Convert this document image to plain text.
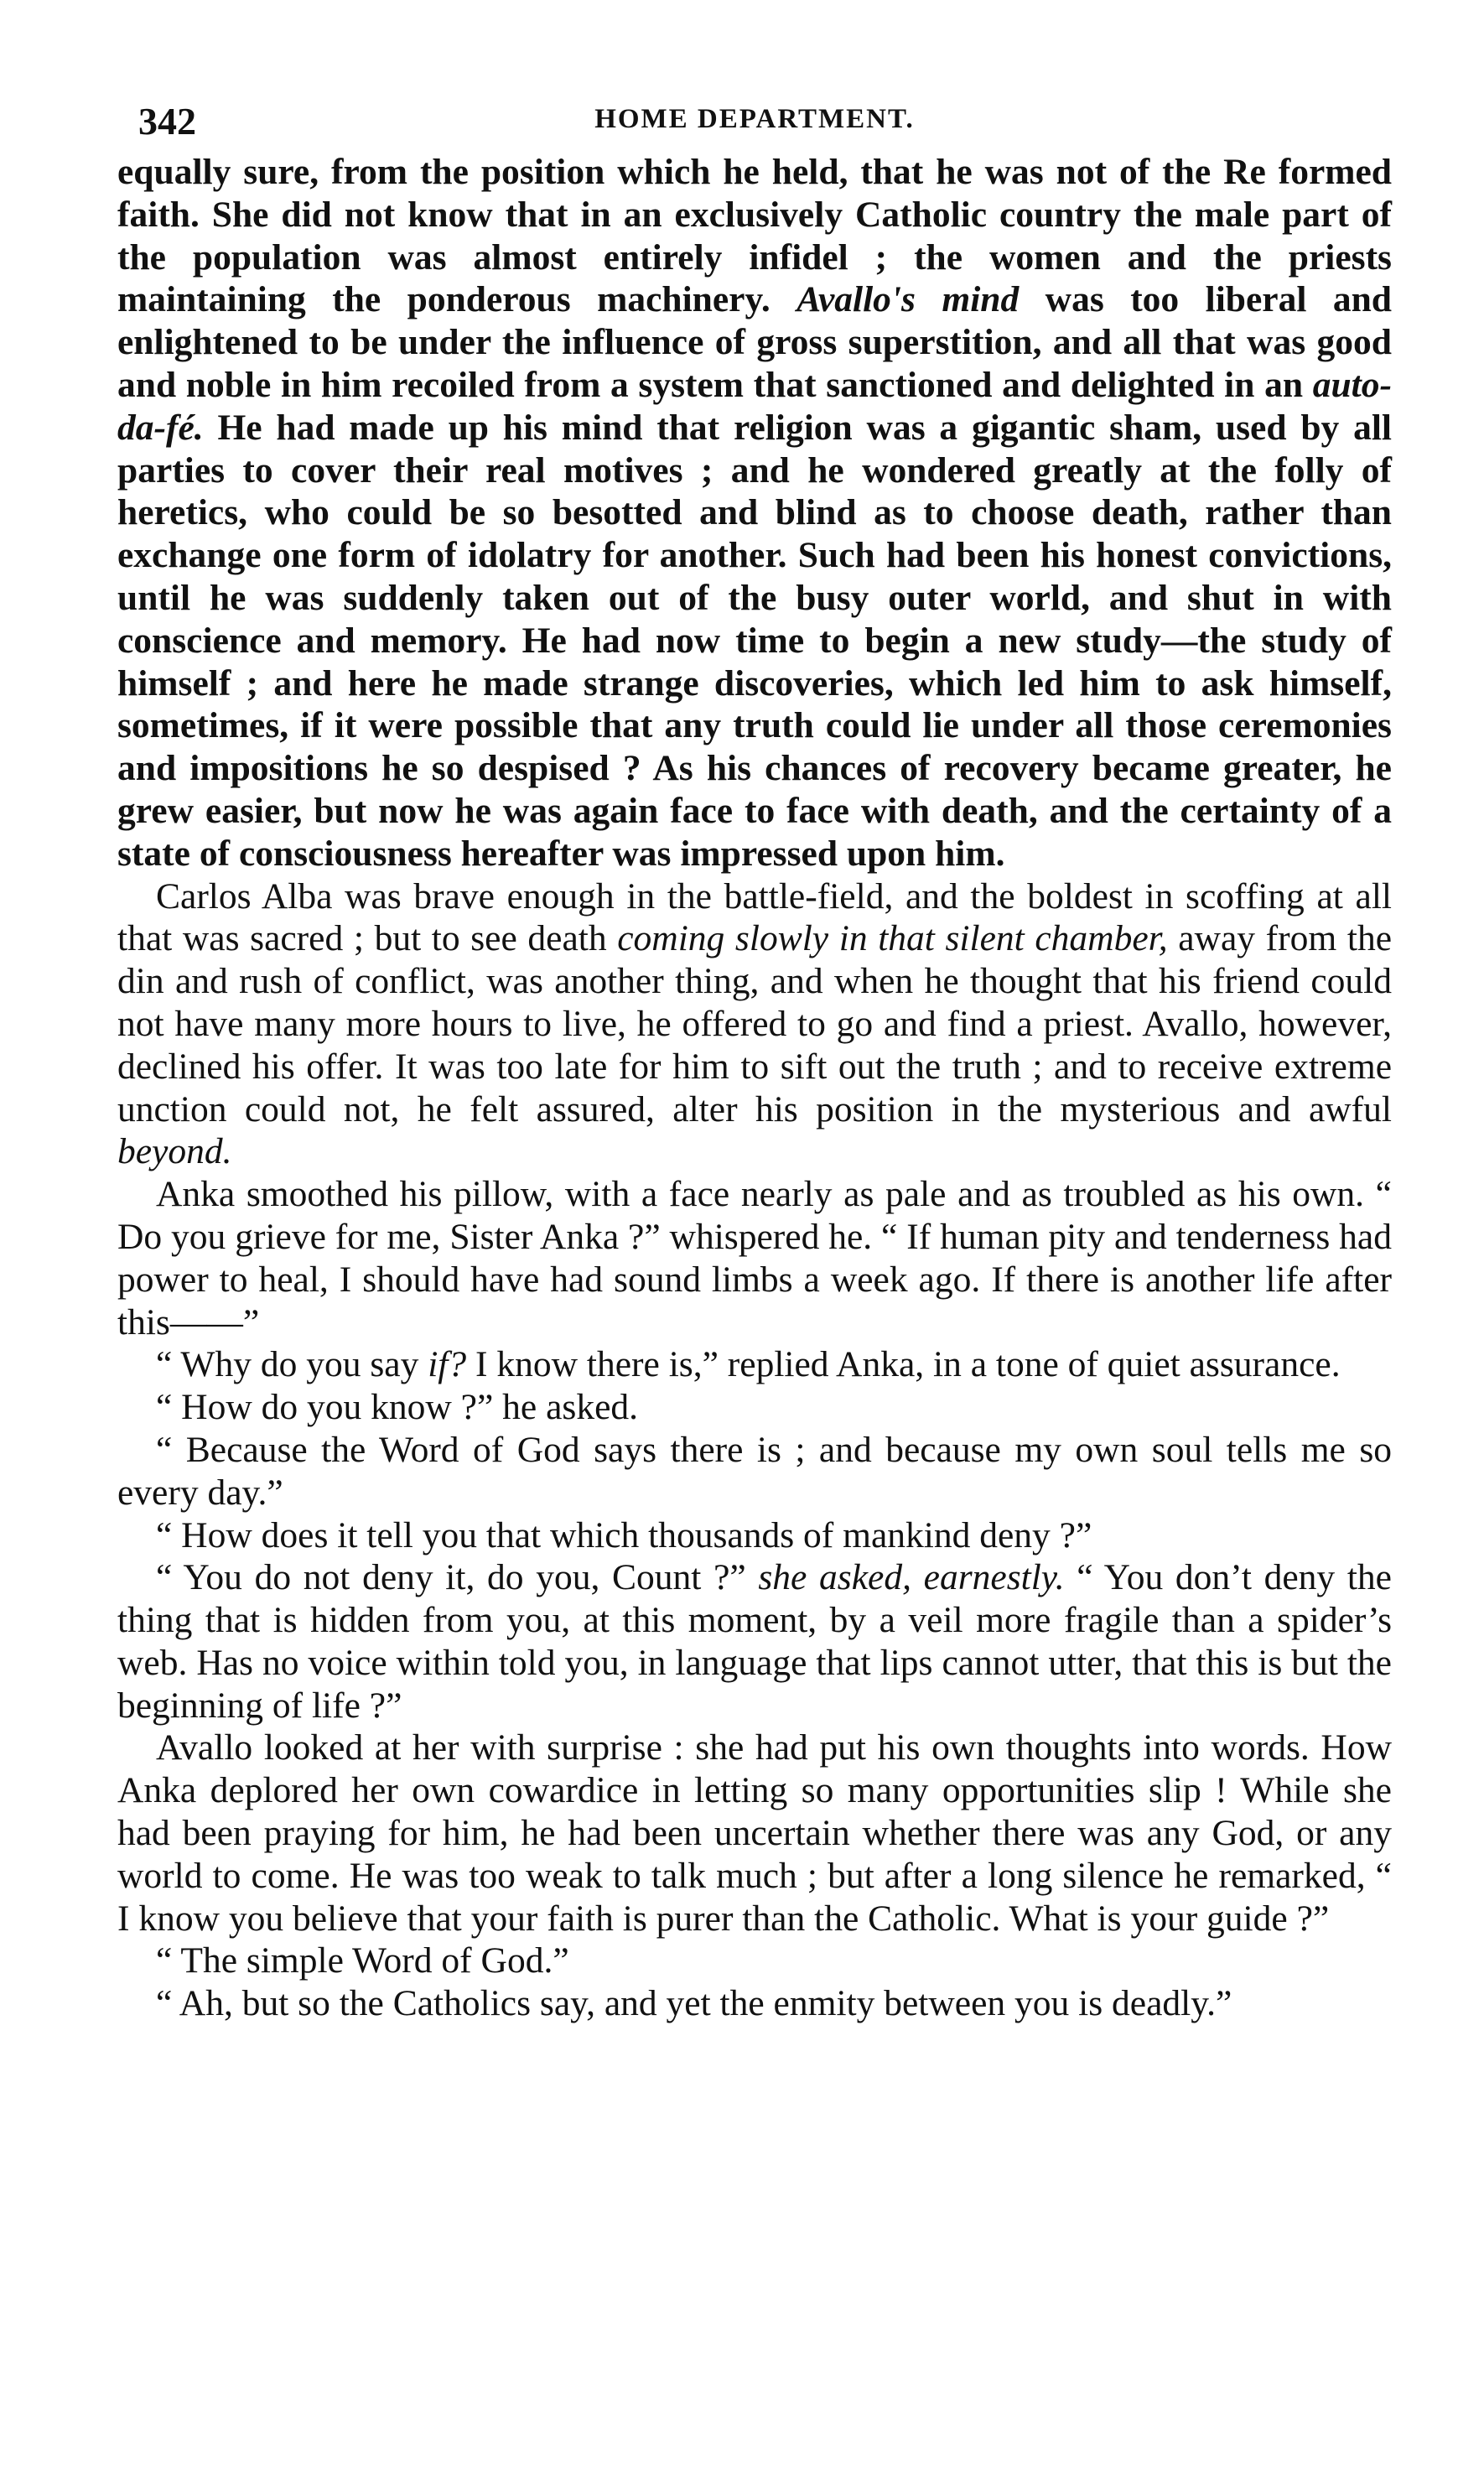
342	HOME DEPARTMENT.

equally sure, from the position which he held, that he was not of the Re formed faith. She did not know that in an exclusively Catholic country the male part of the population was almost entirely infidel ; the women and the priests maintaining the ponderous machinery. Avallo's mind was too liberal and enlightened to be under the influence of gross superstition, and all that was good and noble in him recoiled from a system that sanctioned and delighted in an auto-da-fé. He had made up his mind that religion was a gigantic sham, used by all parties to cover their real motives ; and he wondered greatly at the folly of heretics, who could be so besotted and blind as to choose death, rather than exchange one form of idolatry for another. Such had been his honest convictions, until he was suddenly taken out of the busy outer world, and shut in with conscience and memory. He had now time to begin a new study—the study of himself ; and here he made strange discoveries, which led him to ask himself, sometimes, if it were possible that any truth could lie under all those ceremonies and impositions he so despised ? As his chances of recovery became greater, he grew easier, but now he was again face to face with death, and the certainty of a state of consciousness hereafter was impressed upon him.

Carlos Alba was brave enough in the battle-field, and the boldest in scoffing at all that was sacred ; but to see death coming slowly in that silent chamber, away from the din and rush of conflict, was another thing, and when he thought that his friend could not have many more hours to live, he offered to go and find a priest. Avallo, however, declined his offer. It was too late for him to sift out the truth ; and to receive extreme unction could not, he felt assured, alter his position in the mysterious and awful beyond.

Anka smoothed his pillow, with a face nearly as pale and as troubled as his own. “ Do you grieve for me, Sister Anka ?” whispered he. “ If human pity and tenderness had power to heal, I should have had sound limbs a week ago. If there is another life after this——”

“ Why do you say if? I know there is,” replied Anka, in a tone of quiet assurance.

“ How do you know ?” he asked.

“ Because the Word of God says there is ; and because my own soul tells me so every day.”

“ How does it tell you that which thousands of mankind deny ?”

“ You do not deny it, do you, Count ?” she asked, earnestly. “ You don’t deny the thing that is hidden from you, at this moment, by a veil more fragile than a spider’s web. Has no voice within told you, in language that lips cannot utter, that this is but the beginning of life ?”

Avallo looked at her with surprise : she had put his own thoughts into words. How Anka deplored her own cowardice in letting so many opportunities slip ! While she had been praying for him, he had been uncertain whether there was any God, or any world to come. He was too weak to talk much ; but after a long silence he remarked, “ I know you believe that your faith is purer than the Catholic. What is your guide ?”

“ The simple Word of God.”

“ Ah, but so the Catholics say, and yet the enmity between you is deadly.”
